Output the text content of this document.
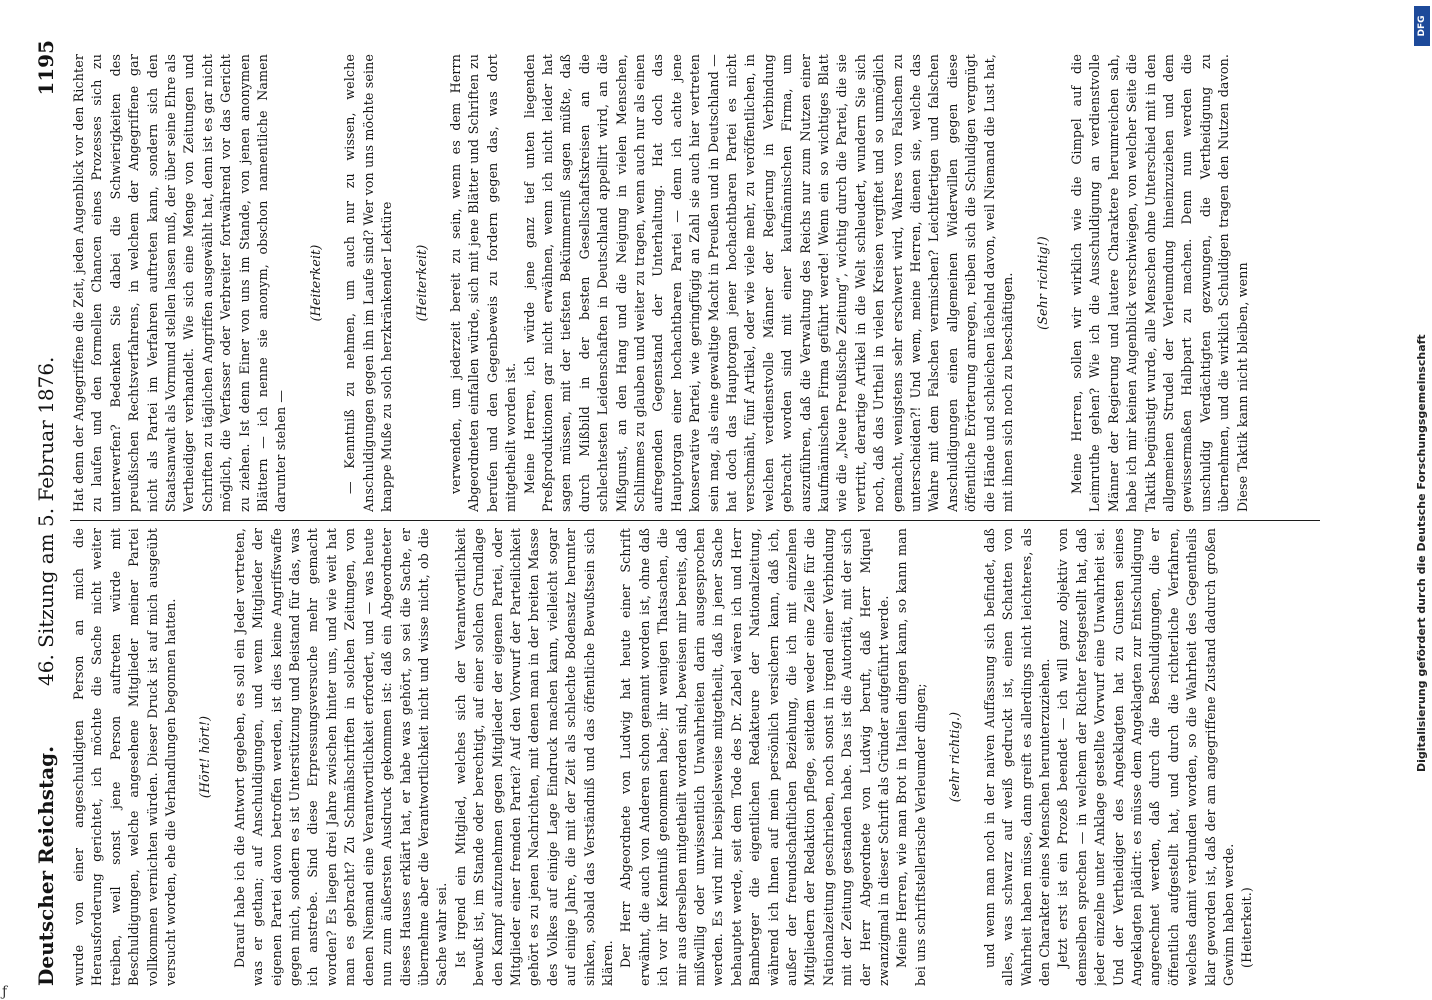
Deutscher Reichstag.
46. Sitzung am 5. Februar 1876.
1195

wurde von einer angeschuldigten Person an mich die Herausforderung gerichtet, ich möchte die Sache nicht weiter treiben, weil sonst jene Person auftreten würde mit Beschuldigungen, welche angesehene Mitglieder meiner Partei vollkommen vernichten würden. Dieser Druck ist auf mich ausgeübt versucht worden, ehe die Verhandlungen begonnen hatten. (Hört! hört!) Darauf habe ich die Antwort gegeben, es soll ein Jeder vertreten, was er gethan; auf Anschuldigungen, und wenn Mitglieder der eigenen Partei davon betroffen werden, ist dies keine Angriffswaffe gegen mich, sondern es ist Unterstützung und Beistand für das, was ich anstrebe. Sind diese Erpressungsversuche mehr gemacht worden? Es liegen drei Jahre zwischen hinter uns, und wie weit hat man es gebracht? Zu Schmähschriften in solchen Zeitungen, von denen Niemand eine Verantwortlichkeit erfordert, und — was heute nun zum äußersten Ausdruck gekommen ist: daß ein Abgeordneter dieses Hauses erklärt hat, er habe was gehört, so sei die Sache, er übernehme aber die Verantwortlichkeit nicht und wisse nicht, ob die Sache wahr sei. Ist irgend ein Mitglied, welches sich der Verantwortlichkeit bewußt ist, im Stande oder berechtigt, auf einer solchen Grundlage den Kampf aufzunehmen gegen Mitglieder der eigenen Partei, oder Mitglieder einer fremden Partei? Auf den Vorwurf der Parteilichkeit gehört es zu jenen Nachrichten, mit denen man in der breiten Masse des Volkes auf einige Lage Eindruck machen kann, vielleicht sogar auf einige Jahre, die mit der Zeit als schlechte Bodensatz herunter sinken, sobald das Verständniß und das öffentliche Bewußtsein sich klären. Der Herr Abgeordnete von Ludwig hat heute einer Schrift erwähnt, die auch von Anderen schon genannt worden ist, ohne daß ich vor ihr Kenntniß genommen habe; ihr wenigen Thatsachen, die mir aus derselben mitgetheilt worden sind, beweisen mir bereits, daß mißwillig oder unwissentlich Unwahrheiten darin ausgesprochen werden. Es wird mir beispielsweise mitgetheilt, daß in jener Sache behauptet werde, seit dem Tode des Dr. Zabel wären ich und Herr Bamberger die eigentlichen Redakteure der Nationalzeitung, während ich Ihnen auf mein persönlich versichern kann, daß ich, außer der freundschaftlichen Beziehung, die ich mit einzelnen Mitgliedern der Redaktion pflege, seitdem weder eine Zeile für die Nationalzeitung geschrieben, noch sonst in irgend einer Verbindung mit der Zeitung gestanden habe. Das ist die Autorität, mit der sich der Herr Abgeordnete von Ludwig beruft, daß Herr Miquel zwanzigmal in dieser Schrift als Gründer aufgeführt werde. Meine Herren, wie man Brot in Italien dingen kann, so kann man bei uns schriftstellerische Verleumder dingen; (sehr richtig.) und wenn man noch in der naiven Auffassung sich befindet, daß alles, was schwarz auf weiß gedruckt ist, einen Schatten von Wahrheit haben müsse, dann greift es allerdings nicht leichteres, als den Charakter eines Menschen herunterzuziehen. Jetzt erst ist ein Prozeß beendet — ich will ganz objektiv von demselben sprechen — in welchem der Richter festgestellt hat, daß jeder einzelne unter Anklage gestellte Vorwurf eine Unwahrheit sei. Und der Vertheidiger des Angeklagten hat zu Gunsten seines Angeklagten plädirt: es müsse dem Angeklagten zur Entschuldigung angerechnet werden, daß durch die Beschuldigungen, die er öffentlich aufgestellt hat, und durch die richterliche Verfahren, welches damit verbunden worden, so die Wahrheit des Gegentheils klar geworden ist, daß der am angegriffene Zustand dadurch großen Gewinn haben werde. (Heiterkeit.)

Hat denn der Angegriffene die Zeit, jeden Augenblick vor den Richter zu laufen und den formellen Chancen eines Prozesses sich zu unterwerfen? Bedenken Sie dabei die Schwierigkeiten des preußischen Rechtsverfahrens, in welchem der Angegriffene gar nicht als Partei im Verfahren auftreten kann, sondern sich den Staatsanwalt als Vormund stellen lassen muß, der über seine Ehre als Vertheidiger verhandelt. Wie sich eine Menge von Zeitungen und Schriften zu täglichen Angriffen ausgewählt hat, denn ist es gar nicht möglich, die Verfasser oder Verbreiter fortwährend vor das Gericht zu ziehen. Ist denn Einer von uns im Stande, von jenen anonymen Blättern — ich nenne sie anonym, obschon namentliche Namen darunter stehen —

(Heiterkeit) — Kenntniß zu nehmen, um auch nur zu wissen, welche Anschuldigungen gegen ihn im Laufe sind? Wer von uns möchte seine knappe Muße zu solch herzkränkender Lektüre (Heiterkeit) verwenden, um jederzeit bereit zu sein, wenn es dem Herrn Abgeordneten einfallen würde, sich mit jene Blätter und Schriften zu berufen und den Gegenbeweis zu fordern gegen das, was dort mitgetheilt worden ist. Meine Herren, ich würde jene ganz tief unten liegenden Preßproduktionen gar nicht erwähnen, wenn ich nicht leider hat sagen müssen, mit der tiefsten Bekümmerniß sagen müßte, daß durch Mißbild in der besten Gesellschaftskreisen an die schlechtesten Leidenschaften in Deutschland appellirt wird, an die Mißgunst, an den Hang und die Neigung in vielen Menschen, Schlimmes zu glauben und weiter zu tragen, wenn auch nur als einen aufregenden Gegenstand der Unterhaltung. Hat doch das Hauptorgan einer hochachtbaren Partei — denn ich achte jene konservative Partei, wie geringfügig an Zahl sie auch hier vertreten sein mag, als eine gewaltige Macht in Preußen und in Deutschland — hat doch das Hauptorgan jener hochachtbaren Partei es nicht verschmäht, fünf Artikel, oder wie viele mehr, zu veröffentlichen, in welchen verdienstvolle Männer der Regierung in Verbindung gebracht worden sind mit einer kaufmännischen Firma, um auszuführen, daß die Verwaltung des Reichs nur zum Nutzen einer kaufmännischen Firma geführt werde! Wenn ein so wichtiges Blatt wie die „Neue Preußische Zeitung“, wichtig durch die Partei, die sie vertritt, derartige Artikel in die Welt schleudert, wundern Sie sich noch, daß das Urtheil in vielen Kreisen vergiftet und so unmöglich gemacht, wenigstens sehr erschwert wird, Wahres von Falschem zu unterscheiden?! Und wem, meine Herren, dienen sie, welche das Wahre mit dem Falschen vermischen? Leichtfertigen und falschen Anschuldigungen einen allgemeinen Widerwillen gegen diese öffentliche Erörterung anregen, reiben sich die Schuldigen vergnügt die Hände und schleichen lächelnd davon, weil Niemand die Lust hat, mit ihnen sich noch zu beschäftigen. (Sehr richtig!) Meine Herren, sollen wir wirklich wie die Gimpel auf die Leimruthe gehen? Wie ich die Ausschuldigung an verdienstvolle Männer der Regierung und lautere Charaktere herumreichen sah, habe ich mir keinen Augenblick verschwiegen, von welcher Seite die Taktik begünstigt wurde, alle Menschen ohne Unterschied mit in den allgemeinen Strudel der Verleumdung hineinzuziehen und dem gewissermaßen Halbpart zu machen. Denn nun werden die unschuldig Verdächtigten gezwungen, die Vertheidigung zu übernehmen, und die wirklich Schuldigen tragen den Nutzen davon. Diese Taktik kann nicht bleiben, wenn

DFG
Digitalisierung gefördert durch die Deutsche Forschungsgemeinschaft
ƒ
